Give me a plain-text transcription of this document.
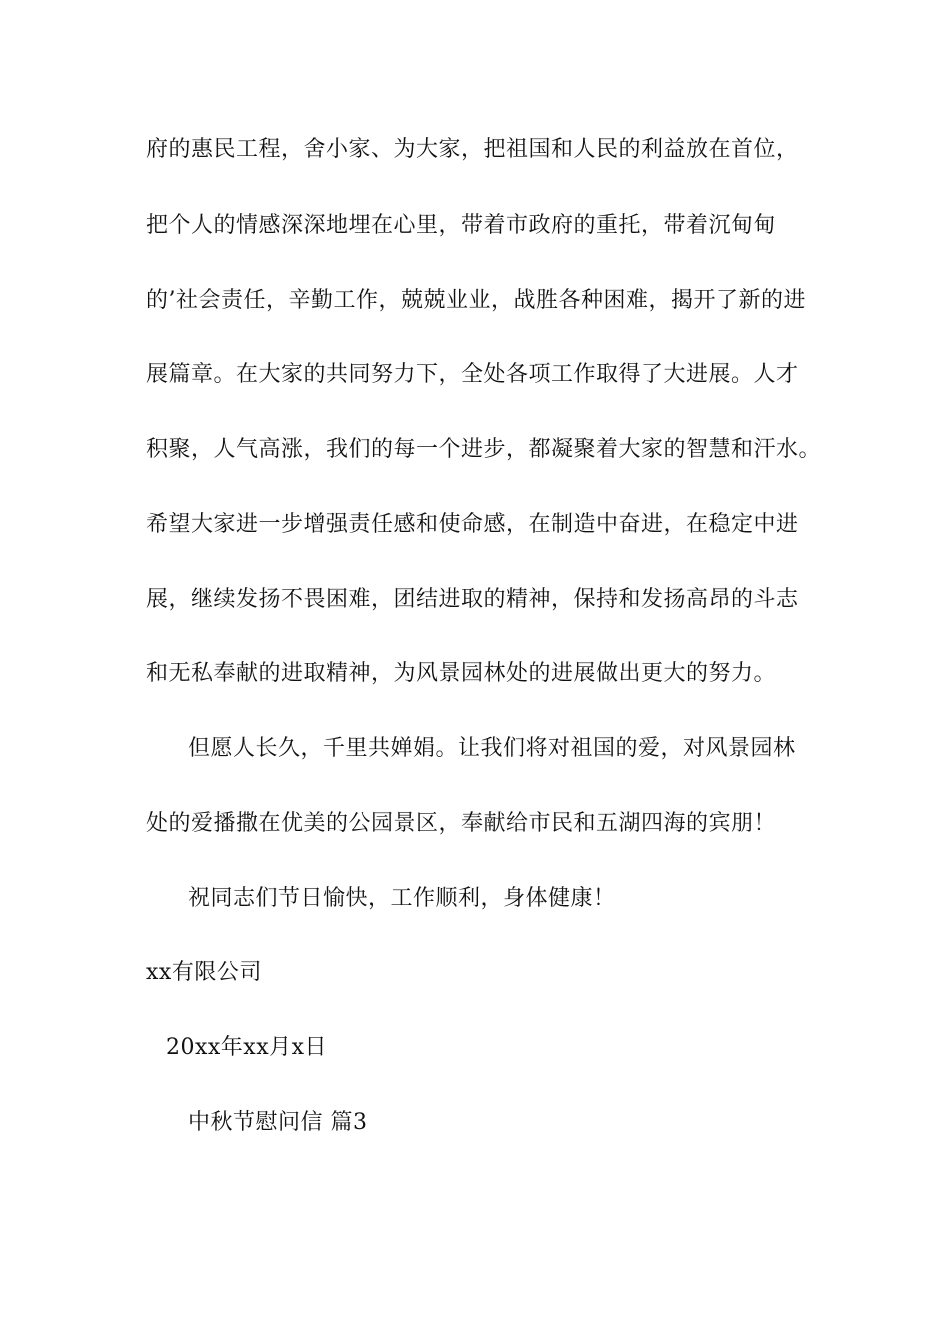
府的惠民工程，舍小家、为大家，把祖国和人民的利益放在首位，
把个人的情感深深地埋在心里，带着市政府的重托，带着沉甸甸
的’社会责任，辛勤工作，兢兢业业，战胜各种困难，揭开了新的进
展篇章。在大家的共同努力下，全处各项工作取得了大进展。人才
积聚，人气高涨，我们的每一个进步，都凝聚着大家的智慧和汗水。
希望大家进一步增强责任感和使命感，在制造中奋进，在稳定中进
展，继续发扬不畏困难，团结进取的精神，保持和发扬高昂的斗志
和无私奉献的进取精神，为风景园林处的进展做出更大的努力。
但愿人长久，千里共婵娟。让我们将对祖国的爱，对风景园林
处的爱播撒在优美的公园景区，奉献给市民和五湖四海的宾朋！
祝同志们节日愉快，工作顺利，身体健康！
xx有限公司
20xx年xx月x日
中秋节慰问信 篇3
